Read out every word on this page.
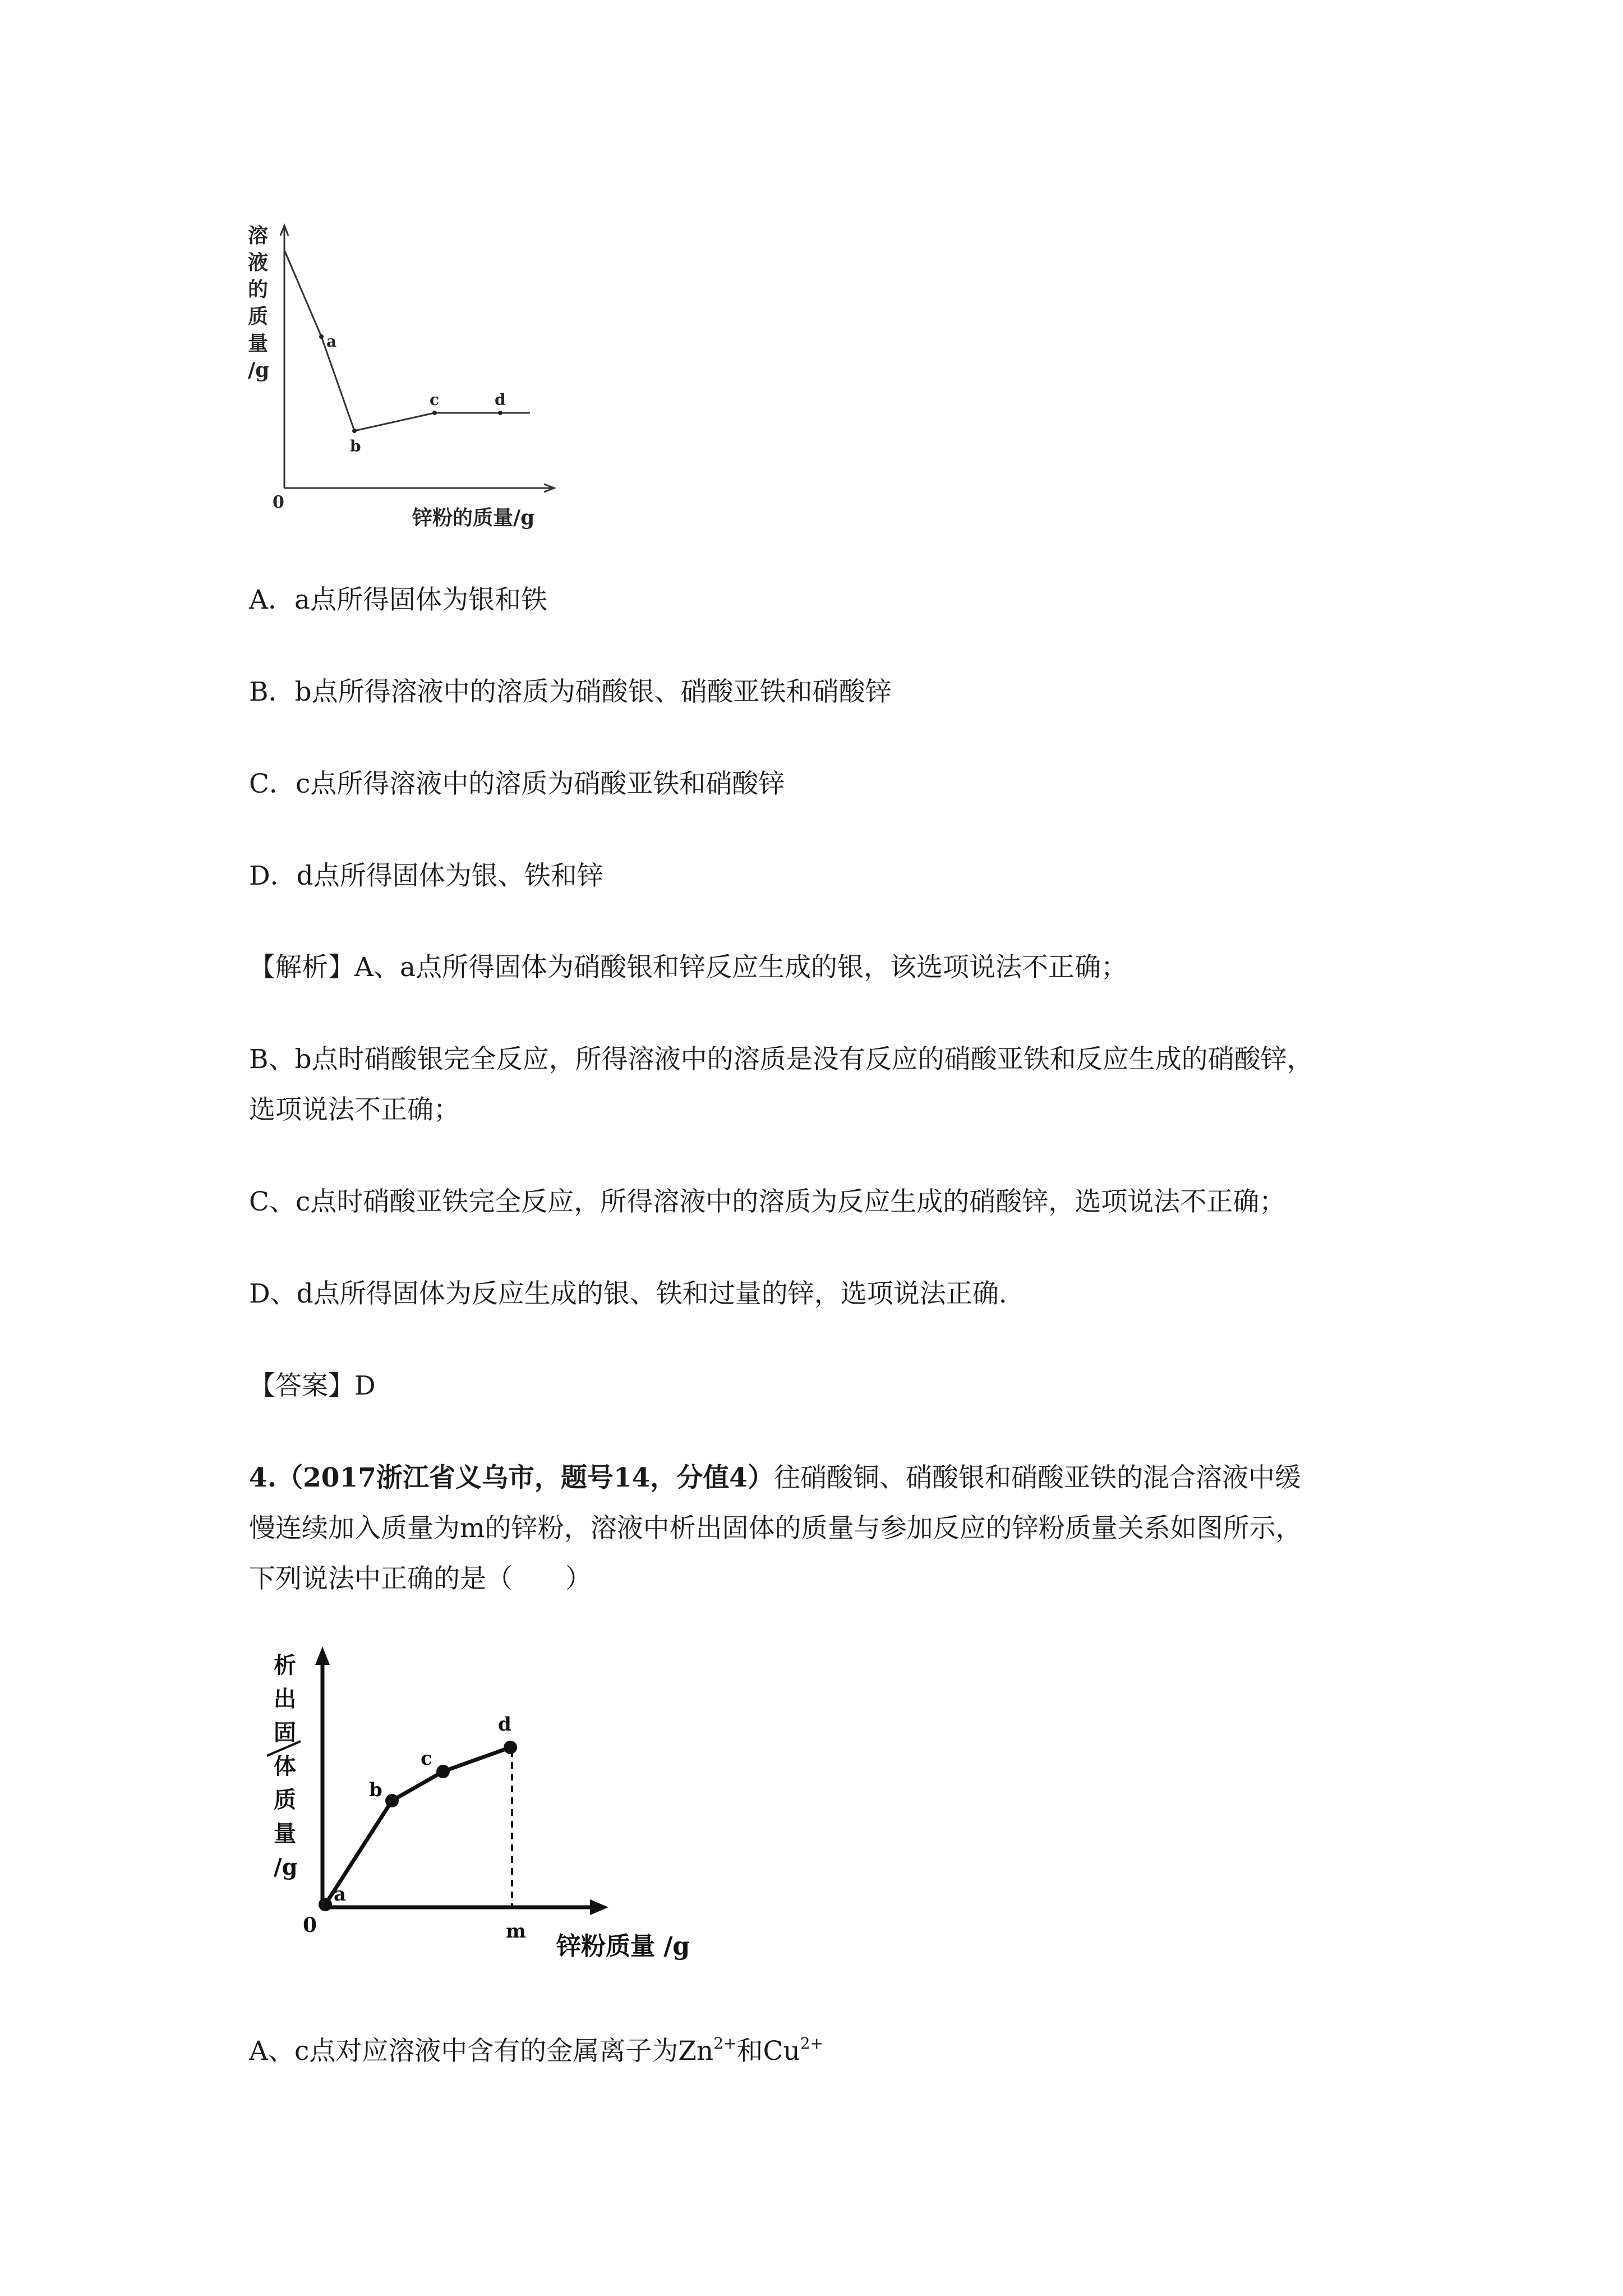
溶
液
的
质
量
/g
a
b
c	d
0
锌粉的质量/g

A．a点所得固体为银和铁

B．b点所得溶液中的溶质为硝酸银、硝酸亚铁和硝酸锌

C．c点所得溶液中的溶质为硝酸亚铁和硝酸锌

D．d点所得固体为银、铁和锌

【解析】A、a点所得固体为硝酸银和锌反应生成的银，该选项说法不正确；

B、b点时硝酸银完全反应，所得溶液中的溶质是没有反应的硝酸亚铁和反应生成的硝酸锌，

选项说法不正确；

C、c点时硝酸亚铁完全反应，所得溶液中的溶质为反应生成的硝酸锌，选项说法不正确；

D、d点所得固体为反应生成的银、铁和过量的锌，选项说法正确.

【答案】D

4.（2017浙江省义乌市，题号14，分值4）往硝酸铜、硝酸银和硝酸亚铁的混合溶液中缓

慢连续加入质量为m的锌粉，溶液中析出固体的质量与参加反应的锌粉质量关系如图所示，

下列说法中正确的是（　　）

析
出
固
体
质
量
/g
a
b
c
d
0	m
锌粉质量 /g

A、c点对应溶液中含有的金属离子为$Zn^{2+}$和$Cu^{2+}$
